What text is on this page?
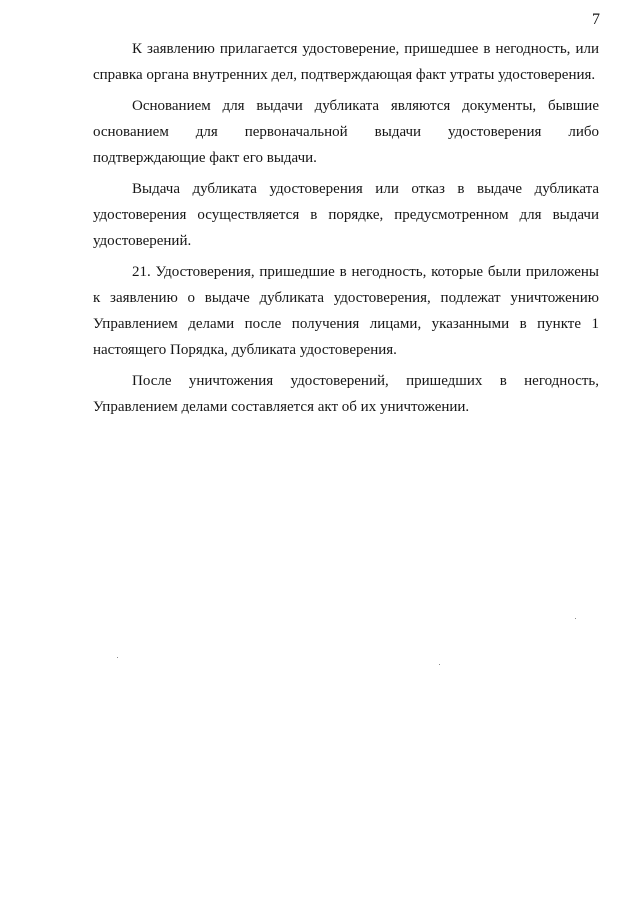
7

К заявлению прилагается удостоверение, пришедшее в негодность, или справка органа внутренних дел, подтверждающая факт утраты удостоверения.

Основанием для выдачи дубликата являются документы, бывшие основанием для первоначальной выдачи удостоверения либо подтверждающие факт его выдачи.

Выдача дубликата удостоверения или отказ в выдаче дубликата удостоверения осуществляется в порядке, предусмотренном для выдачи удостоверений.

21. Удостоверения, пришедшие в негодность, которые были приложены к заявлению о выдаче дубликата удостоверения, подлежат уничтожению Управлением делами после получения лицами, указанными в пункте 1 настоящего Порядка, дубликата удостоверения.

После уничтожения удостоверений, пришедших в негодность, Управлением делами составляется акт об их уничтожении.
